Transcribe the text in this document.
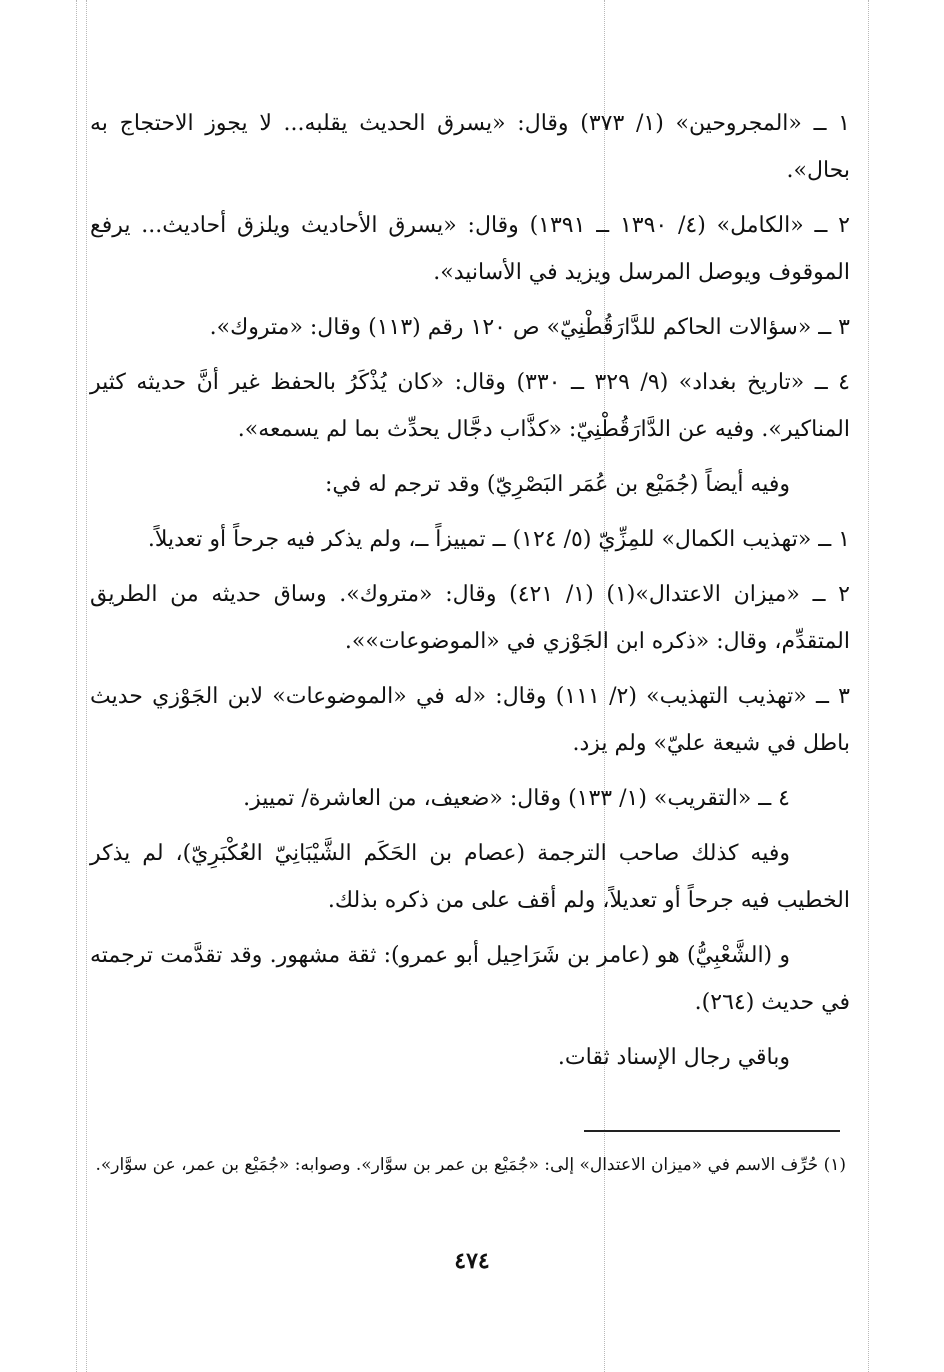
١ ــ «المجروحين» (١/ ٣٧٣) وقال: «يسرق الحديث يقلبه... لا يجوز الاحتجاج به بحال».

٢ ــ «الكامل» (٤/ ١٣٩٠ ــ ١٣٩١) وقال: «يسرق الأحاديث ويلزق أحاديث... يرفع الموقوف ويوصل المرسل ويزيد في الأسانيد».

٣ ــ «سؤالات الحاكم للدَّارَقُطْنِيّ» ص ١٢٠ رقم (١١٣) وقال: «متروك».

٤ ــ «تاريخ بغداد» (٩/ ٣٢٩ ــ ٣٣٠) وقال: «كان يُذْكَرُ بالحفظ غير أنَّ حديثه كثير المناكير». وفيه عن الدَّارَقُطْنِيّ: «كذَّاب دجَّال يحدِّث بما لم يسمعه».

وفيه أيضاً (جُمَيْع بن عُمَر البَصْرِيّ) وقد ترجم له في:

١ ــ «تهذيب الكمال» للمِزِّيّ (٥/ ١٢٤) ــ تمييزاً ــ، ولم يذكر فيه جرحاً أو تعديلاً.

٢ ــ «ميزان الاعتدال»(١) (١/ ٤٢١) وقال: «متروك». وساق حديثه من الطريق المتقدِّم، وقال: «ذكره ابن الجَوْزي في «الموضوعات»».

٣ ــ «تهذيب التهذيب» (٢/ ١١١) وقال: «له في «الموضوعات» لابن الجَوْزي حديث باطل في شيعة عليّ» ولم يزد.

٤ ــ «التقريب» (١/ ١٣٣) وقال: «ضعيف، من العاشرة/ تمييز.

وفيه كذلك صاحب الترجمة (عصام بن الحَكَم الشَّيْبَانِيّ العُكْبَرِيّ)، لم يذكر الخطيب فيه جرحاً أو تعديلاً، ولم أقف على من ذكره بذلك.

و (الشَّعْبِيُّ) هو (عامر بن شَرَاحِيل أبو عمرو): ثقة مشهور. وقد تقدَّمت ترجمته في حديث (٢٦٤).

وباقي رجال الإسناد ثقات.

(١) حُرِّف الاسم في «ميزان الاعتدال» إلى: «جُمَيْع بن عمر بن سوَّار». وصوابه: «جُمَيْع بن عمر، عن سوَّار».
٤٧٤
